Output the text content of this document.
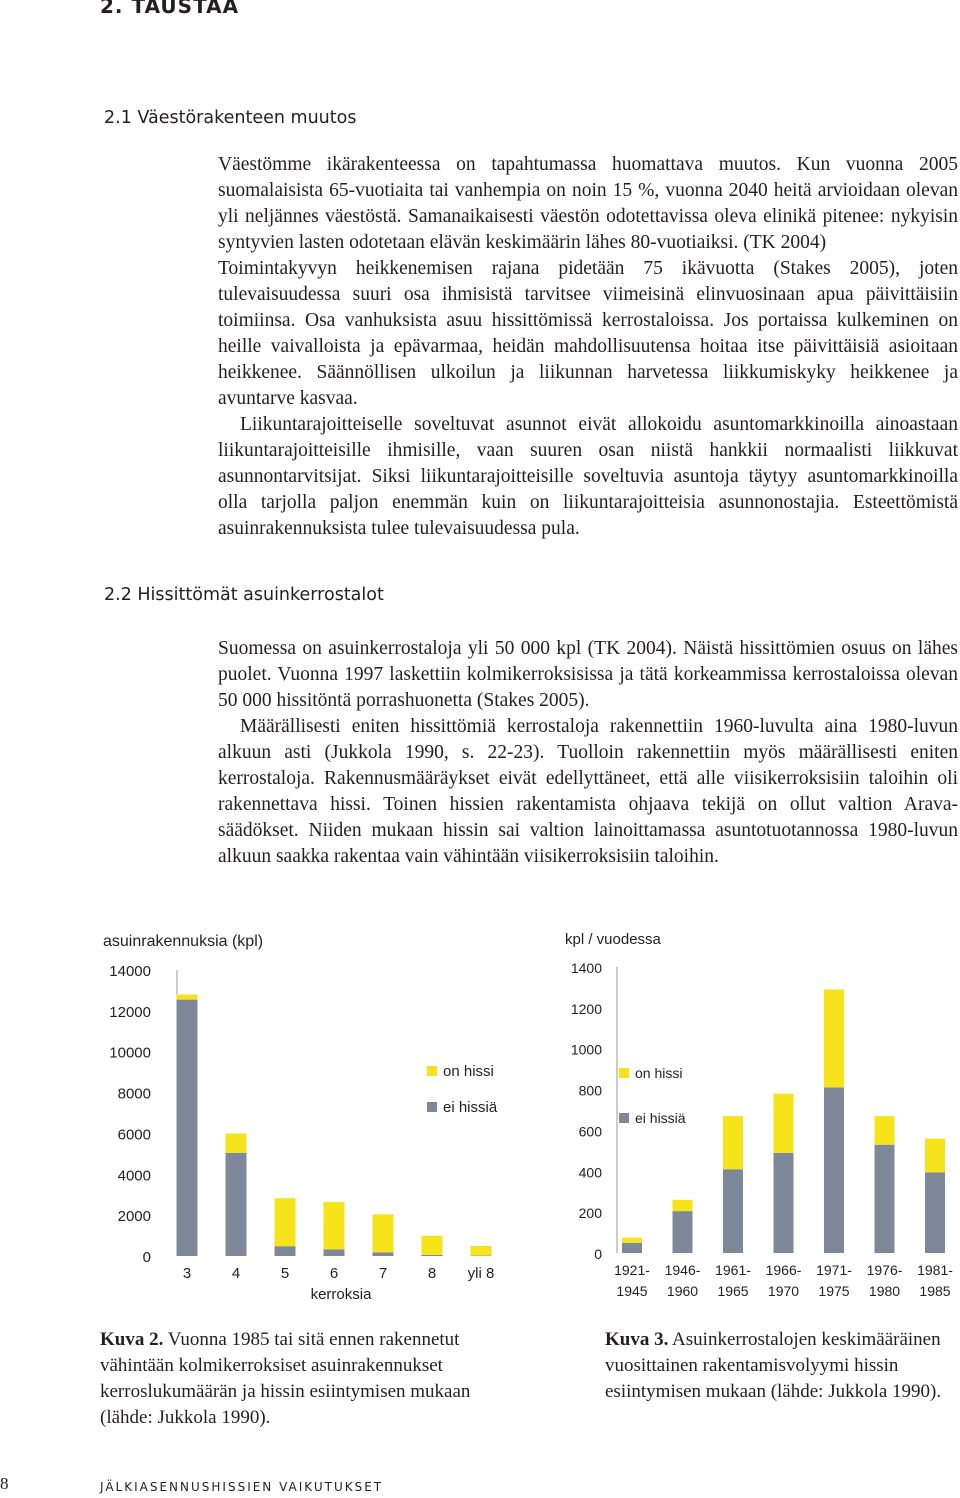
2. TAUSTAA
2.1 Väestörakenteen muutos

Väestömme ikärakenteessa on tapahtumassa huomattava muutos. Kun vuonna 2005 suomalaisista 65-vuotiaita tai vanhempia on noin 15 %, vuonna 2040 heitä arvioidaan olevan yli neljännes väestöstä. Samanaikaisesti väestön odotettavissa oleva elinikä pitenee: nykyisin syntyvien lasten odotetaan elävän keskimäärin lähes 80-vuotiaiksi. (TK 2004)

Toimintakyvyn heikkenemisen rajana pidetään 75 ikävuotta (Stakes 2005), joten tulevaisuudessa suuri osa ihmisistä tarvitsee viimeisinä elinvuosinaan apua päivittäisiin toimiinsa. Osa vanhuksista asuu hissittömissä kerrostaloissa. Jos portaissa kulkeminen on heille vaivalloista ja epävarmaa, heidän mahdollisuutensa hoitaa itse päivittäisiä asioitaan heikkenee. Säännöllisen ulkoilun ja liikunnan harvetessa liikkumiskyky heikkenee ja avuntarve kasvaa.

Liikuntarajoitteiselle soveltuvat asunnot eivät allokoidu asuntomarkkinoilla ainoastaan liikuntarajoitteisille ihmisille, vaan suuren osan niistä hankkii normaalisti liikkuvat asunnontarvitsijat. Siksi liikuntarajoitteisille soveltuvia asuntoja täytyy asuntomarkkinoilla olla tarjolla paljon enemmän kuin on liikuntarajoitteisia asunnonostajia. Esteettömistä asuinrakennuksista tulee tulevaisuudessa pula.

2.2 Hissittömät asuinkerrostalot

Suomessa on asuinkerrostaloja yli 50 000 kpl (TK 2004). Näistä hissittömien osuus on lähes puolet. Vuonna 1997 laskettiin kolmikerroksisissa ja tätä korkeammissa kerrostaloissa olevan 50 000 hissitöntä porrashuonetta (Stakes 2005).

Määrällisesti eniten hissittömiä kerrostaloja rakennettiin 1960-luvulta aina 1980-luvun alkuun asti (Jukkola 1990, s. 22-23). Tuolloin rakennettiin myös määrällisesti eniten kerrostaloja. Rakennusmääräykset eivät edellyttäneet, että alle viisikerroksisiin taloihin oli rakennettava hissi. Toinen hissien rakentamista ohjaava tekijä on ollut valtion Arava-säädökset. Niiden mukaan hissin sai valtion lainoittamassa asuntotuotannossa 1980-luvun alkuun saakka rakentaa vain vähintään viisikerroksisiin taloihin.

asuinrakennuksia (kpl)
14000
12000
10000
8000
6000
4000
2000
0
3	4	5	6	7	8 yli 8
kerroksia
on hissi
ei hissiä
kpl / vuodessa
1400
1200
1000
800
600
400
200
0
1921-
1945
1946-
1960
1961-
1965
1966-
1970
1971-
1975
1976-
1980
1981-
1985
on hissi
ei hissiä

Kuva 2. Vuonna 1985 tai sitä ennen rakennetut vähintään kolmikerroksiset asuinrakennukset kerroslukumäärän ja hissin esiintymisen mukaan (lähde: Jukkola 1990).

Kuva 3. Asuinkerrostalojen keskimääräinen vuosittainen rakentamisvolyymi hissin esiintymisen mukaan (lähde: Jukkola 1990).

8	JÄLKIASENNUSHISSIEN VAIKUTUKSET
